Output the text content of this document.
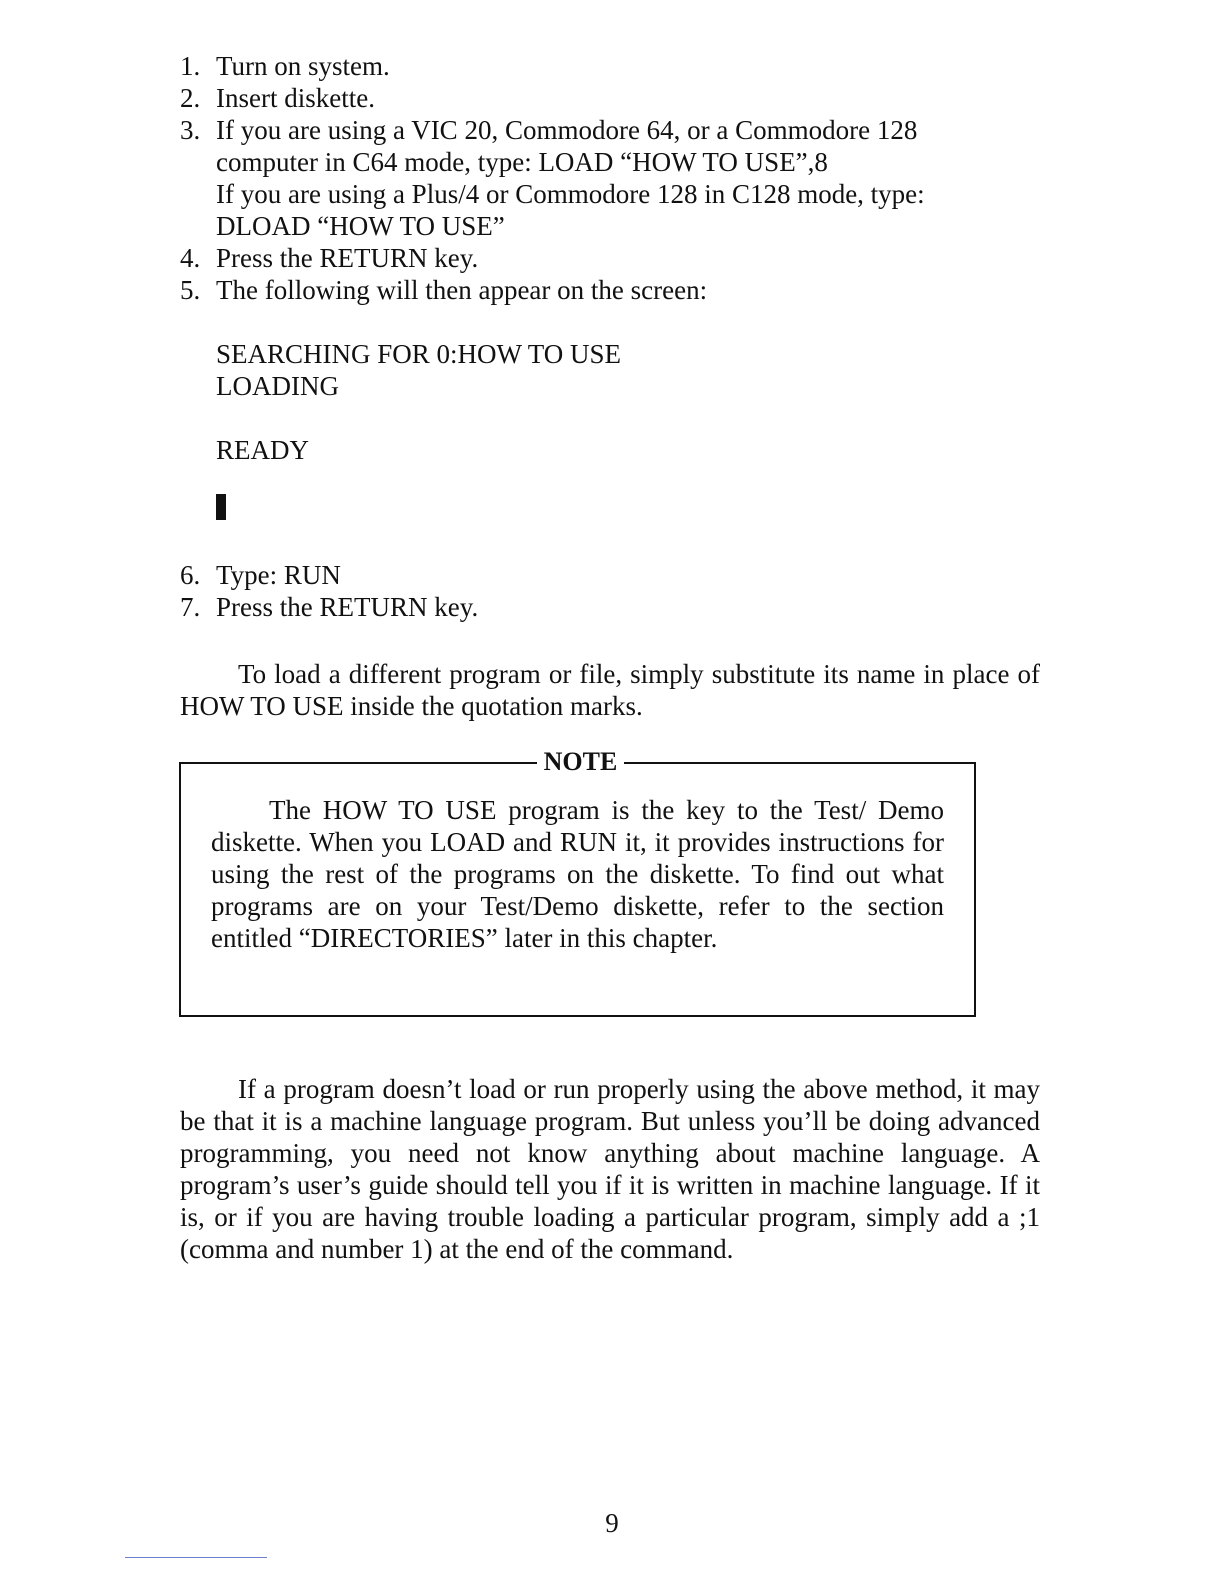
1. Turn on system.
2. Insert diskette.
3. If you are using a VIC 20, Commodore 64, or a Commodore 128
computer in C64 mode, type: LOAD “HOW TO USE”,8
If you are using a Plus/4 or Commodore 128 in C128 mode, type:
DLOAD “HOW TO USE”
4. Press the RETURN key.
5. The following will then appear on the screen:
SEARCHING FOR 0:HOW TO USE
LOADING
READY
6. Type: RUN
7. Press the RETURN key.

To load a different program or file, simply substitute its name in place of HOW TO USE inside the quotation marks.

NOTE

The HOW TO USE program is the key to the Test/ Demo diskette. When you LOAD and RUN it, it provides instructions for using the rest of the programs on the diskette. To find out what programs are on your Test/Demo diskette, refer to the section entitled “DIRECTORIES” later in this chapter.

If a program doesn’t load or run properly using the above method, it may be that it is a machine language program. But unless you’ll be doing advanced programming, you need not know anything about machine language. A program’s user’s guide should tell you if it is written in machine language. If it is, or if you are having trouble loading a particular program, simply add a ;1 (comma and number 1) at the end of the command.

9
